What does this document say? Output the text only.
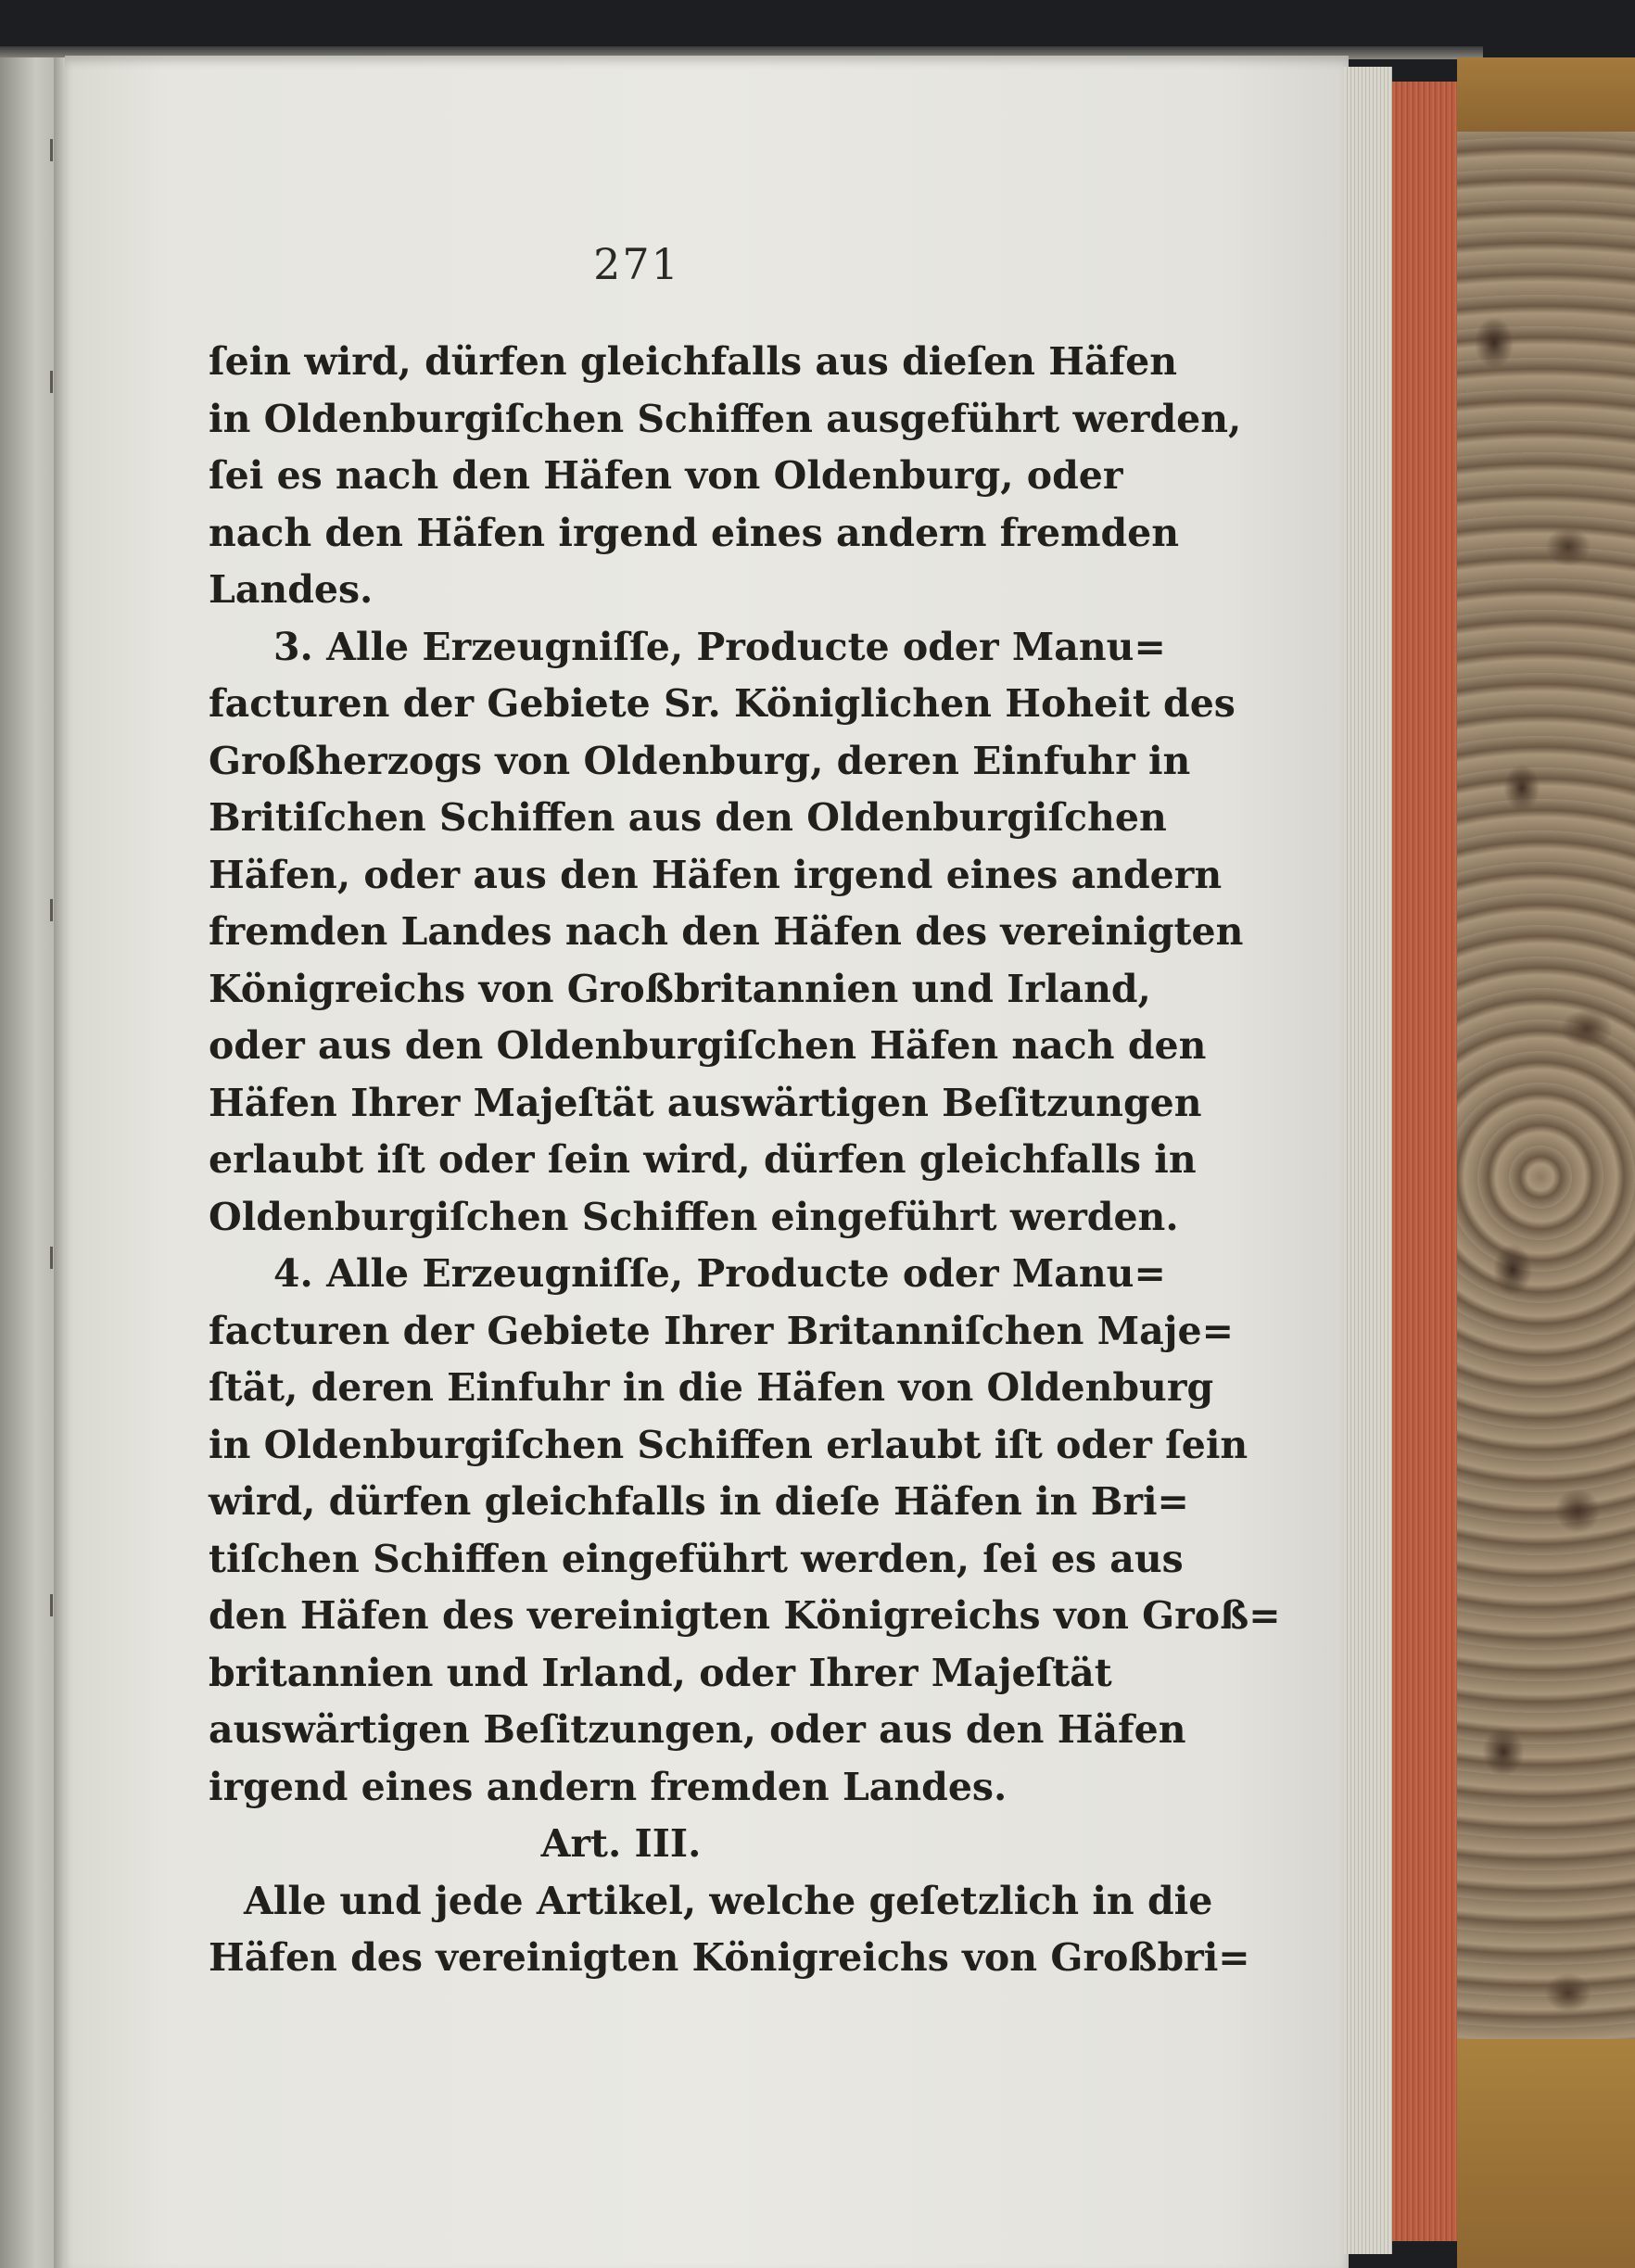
271
ſein wird, dürfen gleichfalls aus dieſen Häfen
in Oldenburgiſchen Schiffen ausgeführt werden,
ſei es nach den Häfen von Oldenburg, oder
nach den Häfen irgend eines andern fremden
Landes.
3. Alle Erzeugniſſe, Producte oder Manu=
facturen der Gebiete Sr. Königlichen Hoheit des
Großherzogs von Oldenburg, deren Einfuhr in
Britiſchen Schiffen aus den Oldenburgiſchen
Häfen, oder aus den Häfen irgend eines andern
fremden Landes nach den Häfen des vereinigten
Königreichs von Großbritannien und Irland,
oder aus den Oldenburgiſchen Häfen nach den
Häfen Ihrer Majeſtät auswärtigen Beſitzungen
erlaubt iſt oder ſein wird, dürfen gleichfalls in
Oldenburgiſchen Schiffen eingeführt werden.
4. Alle Erzeugniſſe, Producte oder Manu=
facturen der Gebiete Ihrer Britanniſchen Maje=
ſtät, deren Einfuhr in die Häfen von Oldenburg
in Oldenburgiſchen Schiffen erlaubt iſt oder ſein
wird, dürfen gleichfalls in dieſe Häfen in Bri=
tiſchen Schiffen eingeführt werden, ſei es aus
den Häfen des vereinigten Königreichs von Groß=
britannien und Irland, oder Ihrer Majeſtät
auswärtigen Beſitzungen, oder aus den Häfen
irgend eines andern fremden Landes.
Art. III.
Alle und jede Artikel, welche geſetzlich in die
Häfen des vereinigten Königreichs von Großbri=
